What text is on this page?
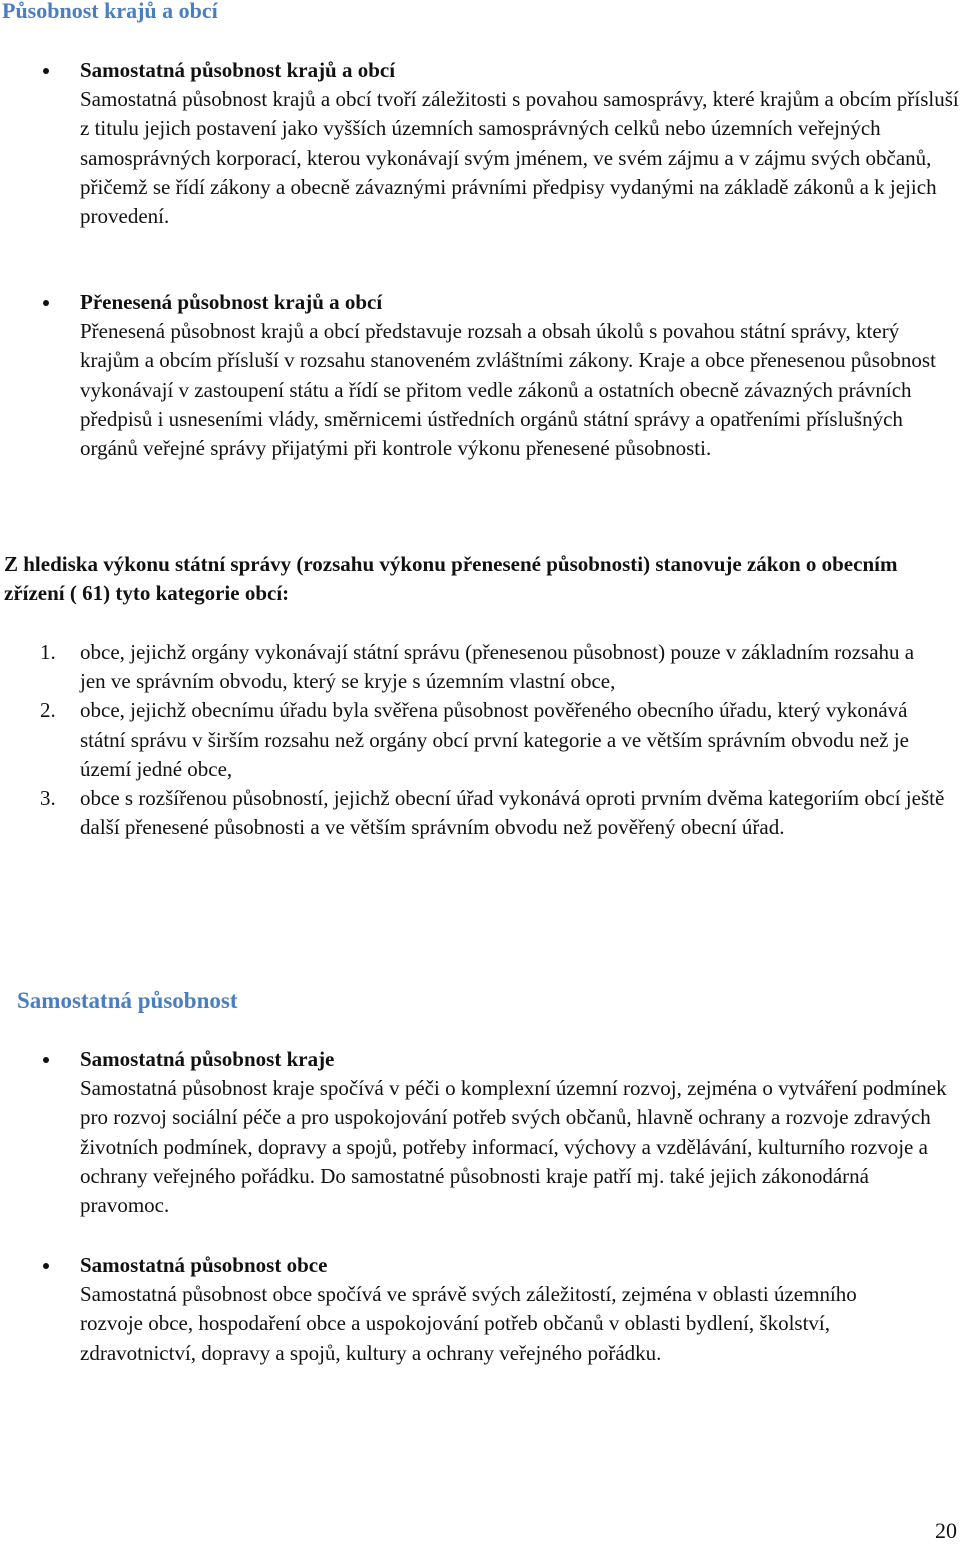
Působnost krajů a obcí
Samostatná působnost krajů a obcí
Samostatná působnost krajů a obcí tvoří záležitosti s povahou samosprávy, které krajům a obcím přísluší z titulu jejich postavení jako vyšších územních samosprávných celků nebo územních veřejných samosprávných korporací, kterou vykonávají svým jménem, ve svém zájmu a v zájmu svých občanů, přičemž se řídí zákony a obecně závaznými právními předpisy vydanými na základě zákonů a k jejich provedení.
Přenesená působnost krajů a obcí
Přenesená působnost krajů a obcí představuje rozsah a obsah úkolů s povahou státní správy, který krajům a obcím přísluší v rozsahu stanoveném zvláštními zákony. Kraje a obce přenesenou působnost vykonávají v zastoupení státu a řídí se přitom vedle zákonů a ostatních obecně závazných právních předpisů i usneseními vlády, směrnicemi ústředních orgánů státní správy a opatřeními příslušných orgánů veřejné správy přijatými při kontrole výkonu přenesené působnosti.
Z hlediska výkonu státní správy (rozsahu výkonu přenesené působnosti) stanovuje zákon o obecním zřízení ( 61) tyto kategorie obcí:
1. obce, jejichž orgány vykonávají státní správu (přenesenou působnost) pouze v základním rozsahu a jen ve správním obvodu, který se kryje s územním vlastní obce,
2. obce, jejichž obecnímu úřadu byla svěřena působnost pověřeného obecního úřadu, který vykonává státní správu v širším rozsahu než orgány obcí první kategorie a ve větším správním obvodu než je území jedné obce,
3. obce s rozšířenou působností, jejichž obecní úřad vykonává oproti prvním dvěma kategoriím obcí ještě další přenesené působnosti a ve větším správním obvodu než pověřený obecní úřad.
Samostatná působnost
Samostatná působnost kraje
Samostatná působnost kraje spočívá v péči o komplexní územní rozvoj, zejména o vytváření podmínek pro rozvoj sociální péče a pro uspokojování potřeb svých občanů, hlavně ochrany a rozvoje zdravých životních podmínek, dopravy a spojů, potřeby informací, výchovy a vzdělávání, kulturního rozvoje a ochrany veřejného pořádku. Do samostatné působnosti kraje patří mj. také jejich zákonodárná pravomoc.
Samostatná působnost obce
Samostatná působnost obce spočívá ve správě svých záležitostí, zejména v oblasti územního rozvoje obce, hospodaření obce a uspokojování potřeb občanů v oblasti bydlení, školství, zdravotnictví, dopravy a spojů, kultury a ochrany veřejného pořádku.
20
